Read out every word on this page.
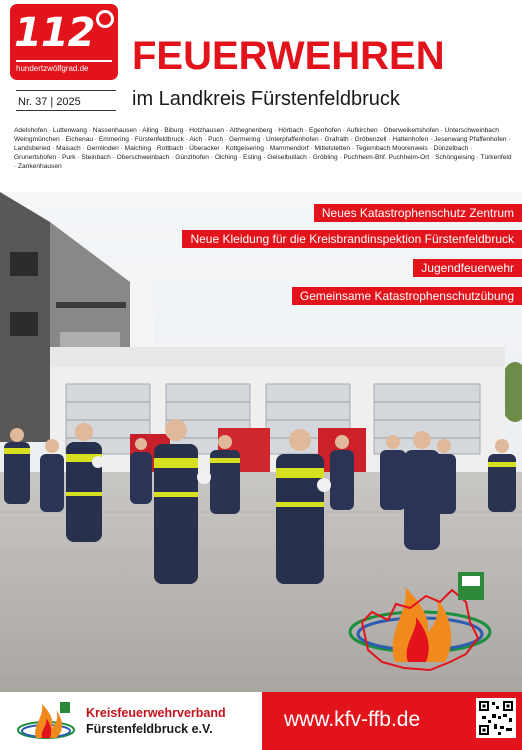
112
hundertzwölfgrad.de
Nr. 37 | 2025
FEUERWEHREN
im Landkreis Fürstenfeldbruck
Adelshofen · Luttenwang · Nassenhausen · Alling · Biburg · Holzhausen · Althegnenberg · Hörbach · Egenhofen · Aufkirchen · Oberweikertshofen · Unterschweinbach Weingmünchen · Eichenau · Emmering · Fürstenfeldbruck · Aich · Puch · Germering · Unterpfaffenhofen · Grafrath · Gröbenzell · Hattenhofen · Jesenwang Pfaffenhofen · Landsberied · Maisach · Gernlinden · Malching · Rottbach · Überacker · Kottgeisering · Mammendorf · Mittelstetten · Tegernbach Moorenweis · Dünzelbach · Grunertshofen · Purk · Steinbach · Oberschweinbach · Günzlhofen · Olching · Esting · Geiselbullach · Gröbling · Puchheim-Bhf. Puchheim-Ort · Schöngeising · Türkenfeld · Zankenhausen
Neues Katastrophenschutz Zentrum
Neue Kleidung für die Kreisbrandinspektion Fürstenfeldbruck
Jugendfeuerwehr
Gemeinsame Katastrophenschutzübung
Kreisfeuerwehrverband
Fürstenfeldbruck e.V.	www.kfv-ffb.de
